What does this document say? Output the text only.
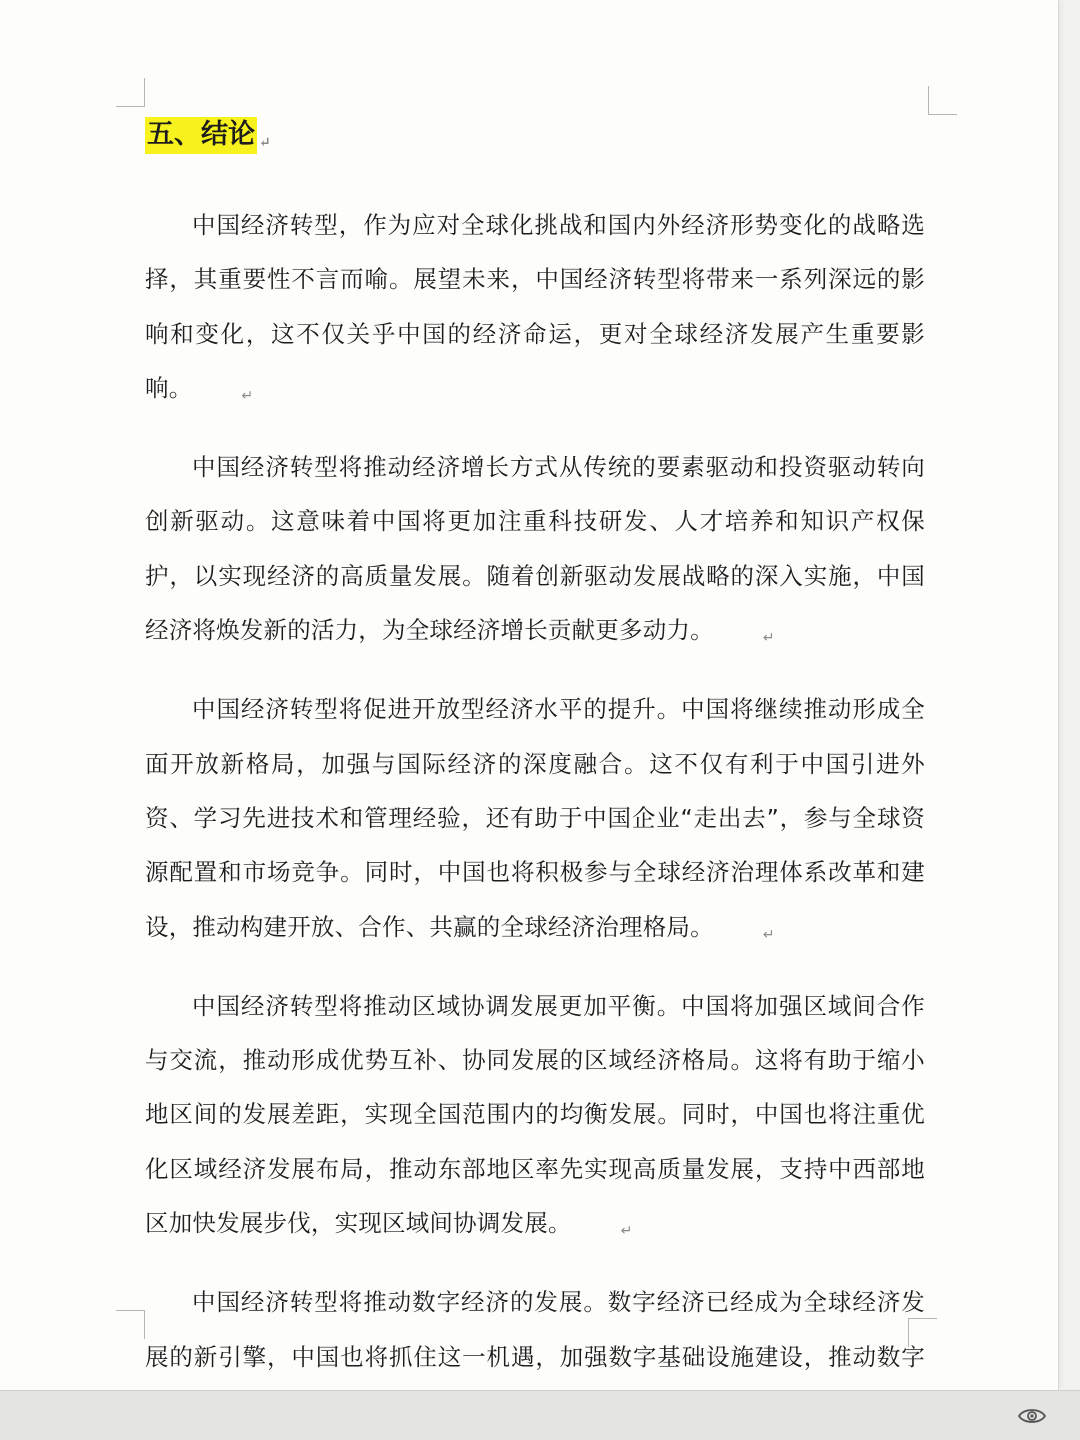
五、结论 ↵

中国经济转型，作为应对全球化挑战和国内外经济形势变化的战略选择，其重要性不言而喻。展望未来，中国经济转型将带来一系列深远的影响和变化，这不仅关乎中国的经济命运，更对全球经济发展产生重要影响。	↵

中国经济转型将推动经济增长方式从传统的要素驱动和投资驱动转向创新驱动。这意味着中国将更加注重科技研发、人才培养和知识产权保护，以实现经济的高质量发展。随着创新驱动发展战略的深入实施，中国经济将焕发新的活力，为全球经济增长贡献更多动力。	↵

中国经济转型将促进开放型经济水平的提升。中国将继续推动形成全面开放新格局，加强与国际经济的深度融合。这不仅有利于中国引进外资、学习先进技术和管理经验，还有助于中国企业“走出去”，参与全球资源配置和市场竞争。同时，中国也将积极参与全球经济治理体系改革和建设，推动构建开放、合作、共赢的全球经济治理格局。	↵

中国经济转型将推动区域协调发展更加平衡。中国将加强区域间合作与交流，推动形成优势互补、协同发展的区域经济格局。这将有助于缩小地区间的发展差距，实现全国范围内的均衡发展。同时，中国也将注重优化区域经济发展布局，推动东部地区率先实现高质量发展，支持中西部地区加快发展步伐，实现区域间协调发展。	↵

中国经济转型将推动数字经济的发展。数字经济已经成为全球经济发展的新引擎，中国也将抓住这一机遇，加强数字基础设施建设，推动数字
